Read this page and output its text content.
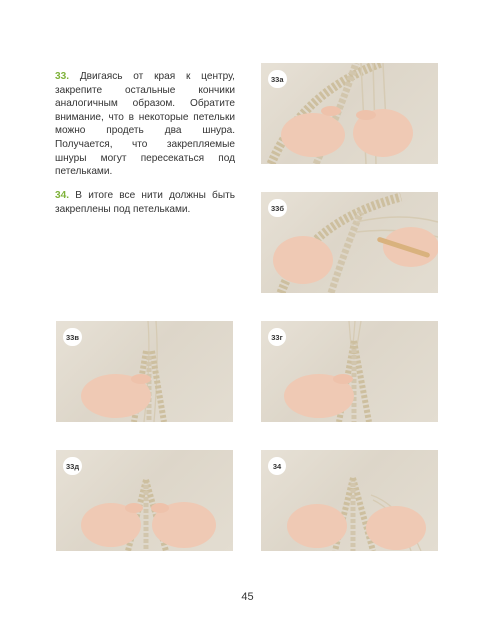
33. Двигаясь от края к центру, закрепите остальные кончики аналогичным образом. Обратите внимание, что в некоторые петельки можно продеть два шнура. Получается, что закрепляемые шнуры могут пересекаться под петельками.

34. В итоге все нити должны быть закреплены под петельками.

33а
33б
33в	33г
33д	34
45
